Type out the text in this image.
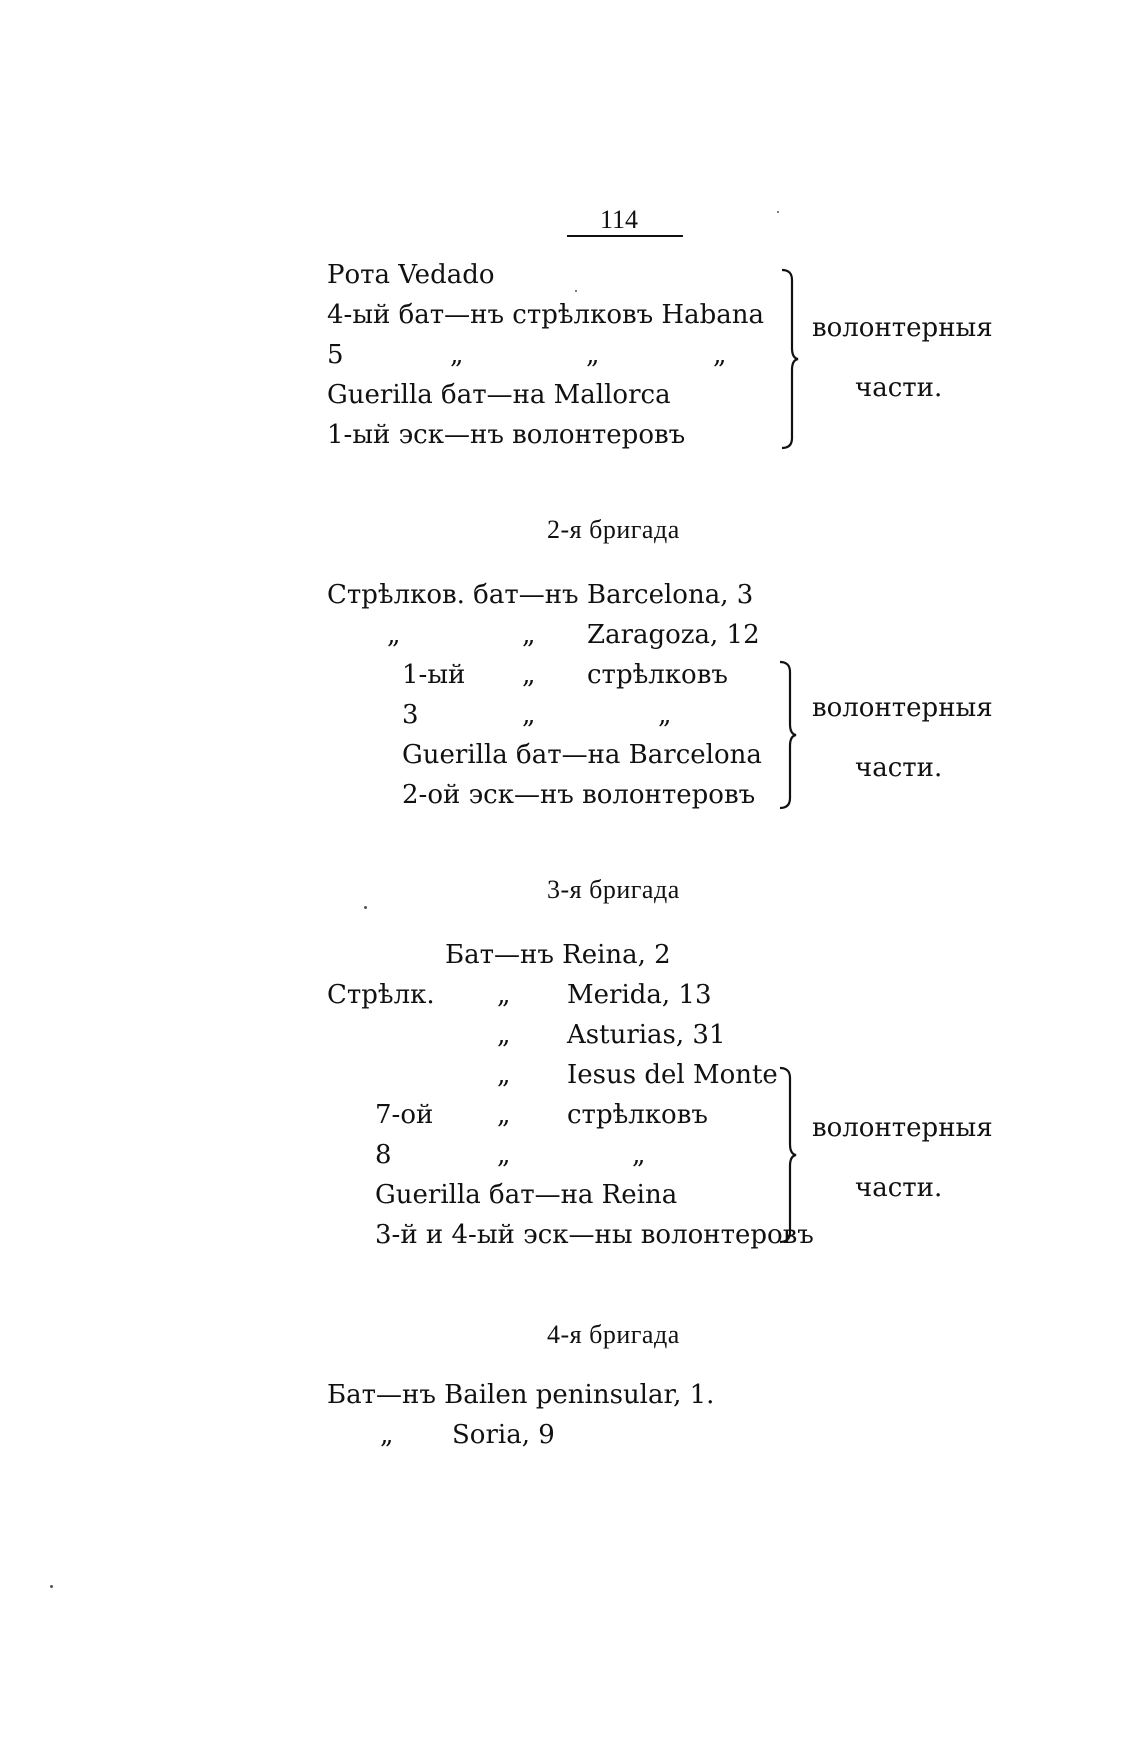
114
Pота Vedado
4-ый бат—нъ стрѣлковъ Habana
5	„	„	„
Guerilla бат—на Mallorca
1-ый эск—нъ волонтеровъ
волонтерныя
части.
2-я бригада
Стрѣлков. бат—нъ Barcelona, 3
„	„ Zaragoza, 12
1-ый „ стрѣлковъ
3	„	„
Guerilla бат—на Barcelona
2-ой эск—нъ волонтеровъ
волонтерныя
части.
3-я бригада
Бат—нъ Reina, 2
Стрѣлк. „ Merida, 13
„ Asturias, 31
„ Iesus del Monte
7-ой „ стрѣлковъ
8	„	„
Guerilla бат—на Reina
3-й и 4-ый эск—ны волонтеровъ
волонтерныя
части.
4-я бригада
Бат—нъ Bailen peninsular, 1.
„ Soria, 9
